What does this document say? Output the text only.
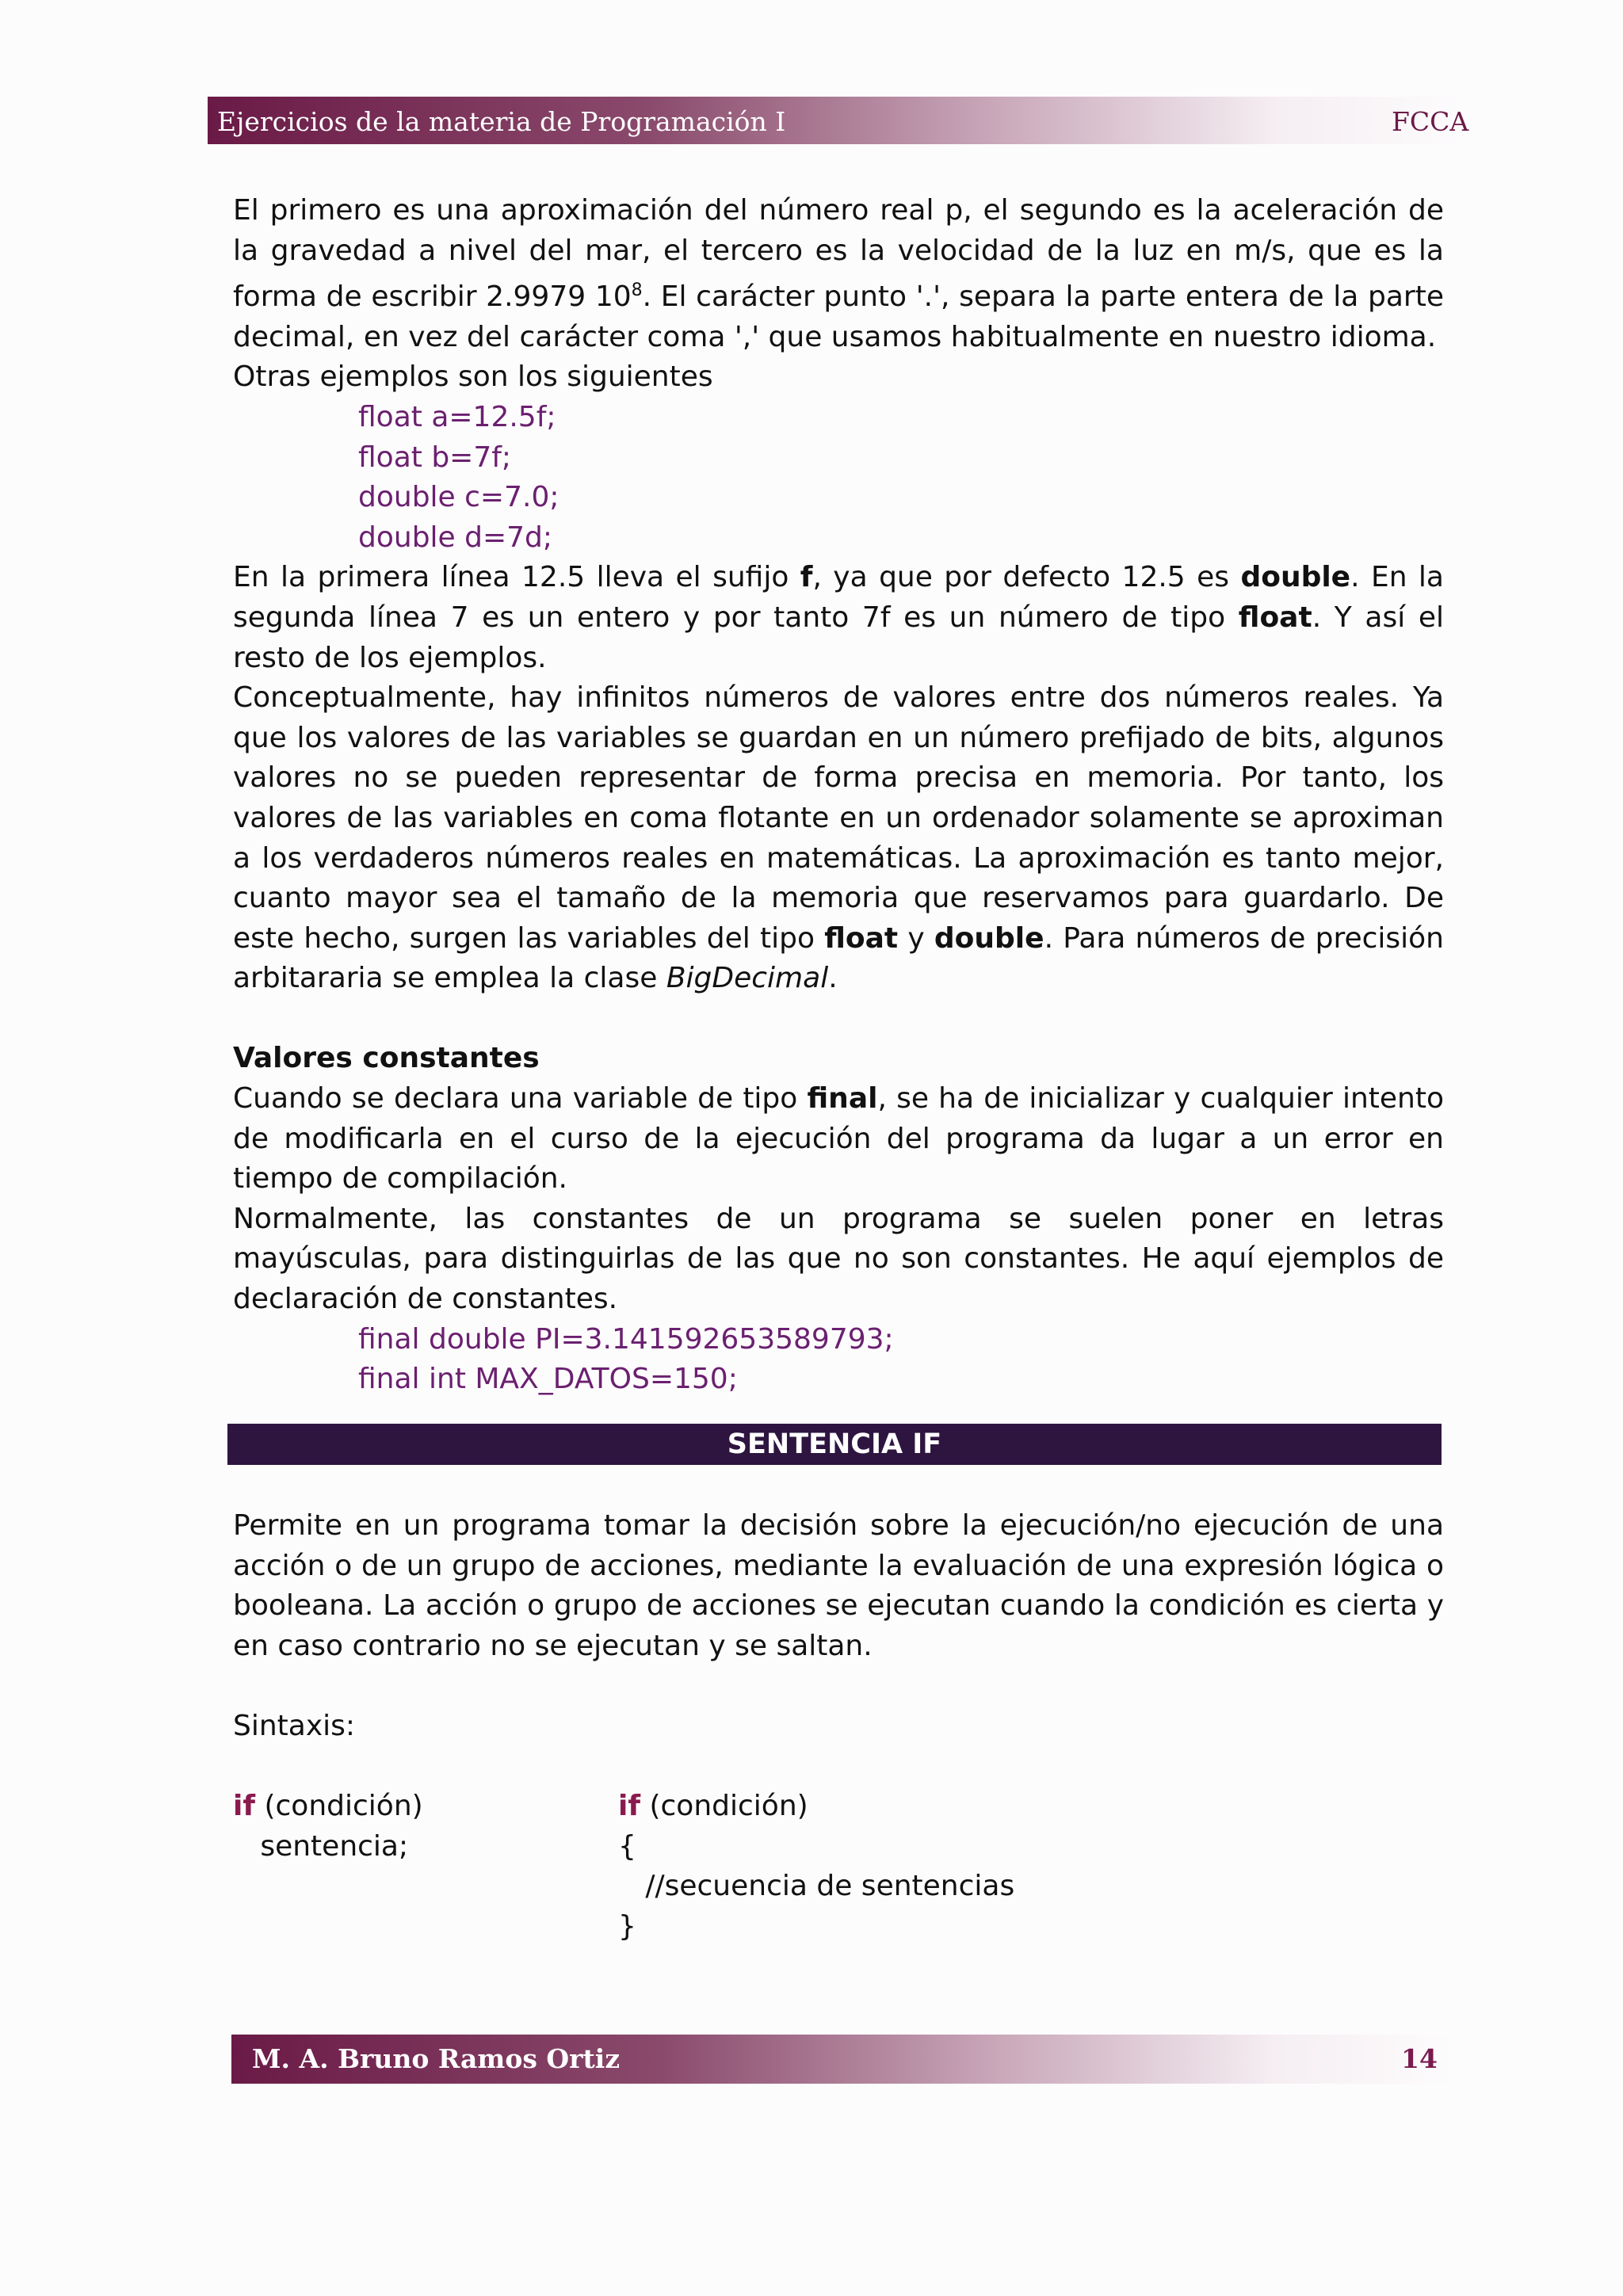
Ejercicios de la materia de Programación I	FCCA

El primero es una aproximación del número real p, el segundo es la aceleración de la gravedad a nivel del mar, el tercero es la velocidad de la luz en m/s, que es la forma de escribir 2.9979 $10^8$. El carácter punto '.', separa la parte entera de la parte decimal, en vez del carácter coma ',' que usamos habitualmente en nuestro idioma.

Otras ejemplos son los siguientes

float a=12.5f;
float b=7f;
double c=7.0;
double d=7d;

En la primera línea 12.5 lleva el sufijo f, ya que por defecto 12.5 es double. En la segunda línea 7 es un entero y por tanto 7f es un número de tipo float. Y así el resto de los ejemplos.

Conceptualmente, hay infinitos números de valores entre dos números reales. Ya que los valores de las variables se guardan en un número prefijado de bits, algunos valores no se pueden representar de forma precisa en memoria. Por tanto, los valores de las variables en coma flotante en un ordenador solamente se aproximan a los verdaderos números reales en matemáticas. La aproximación es tanto mejor, cuanto mayor sea el tamaño de la memoria que reservamos para guardarlo. De este hecho, surgen las variables del tipo float y double. Para números de precisión arbitararia se emplea la clase BigDecimal.

Valores constantes

Cuando se declara una variable de tipo final, se ha de inicializar y cualquier intento de modificarla en el curso de la ejecución del programa da lugar a un error en tiempo de compilación.

Normalmente, las constantes de un programa se suelen poner en letras mayúsculas, para distinguirlas de las que no son constantes. He aquí ejemplos de declaración de constantes.

final double PI=3.141592653589793;
final int MAX_DATOS=150;
SENTENCIA IF

Permite en un programa tomar la decisión sobre la ejecución/no ejecución de una acción o de un grupo de acciones, mediante la evaluación de una expresión lógica o booleana. La acción o grupo de acciones se ejecutan cuando la condición es cierta y en caso contrario no se ejecutan y se saltan.

Sintaxis:

if (condición)
sentencia;
if (condición)
{
//secuencia de sentencias
}
M. A. Bruno Ramos Ortiz	14
